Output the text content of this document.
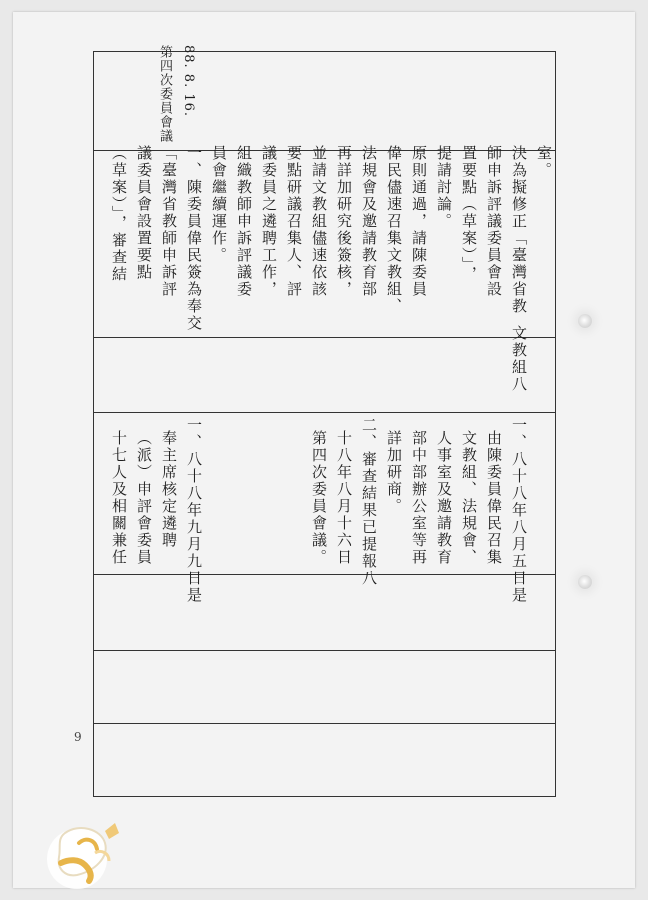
88. 8. 16.
第四次委員會議
室。
決為擬修正「臺灣省教
師申訴評議委員會設
置要點（草案）」，
提請討論。
原則通過，請陳委員
偉民儘速召集文教組、
法規會及邀請教育部
再詳加研究後簽核，
並請文教組儘速依該
要點研議召集人、評
議委員之遴聘工作，
組織教師申訴評議委
員會繼續運作。
一、陳委員偉民簽為奉交
「臺灣省教師申訴評
議委員會設置要點
（草案）」，審查結
文教組八
一、八十八年八月五日是
由陳委員偉民召集
文教組、法規會、
人事室及邀請教育
部中部辦公室等再
詳加研商。
二、審查結果已提報八
十八年八月十六日
第四次委員會議。
一、八十八年九月九日是
奉主席核定遴聘
（派）申評會委員
十七人及相關兼任
9
